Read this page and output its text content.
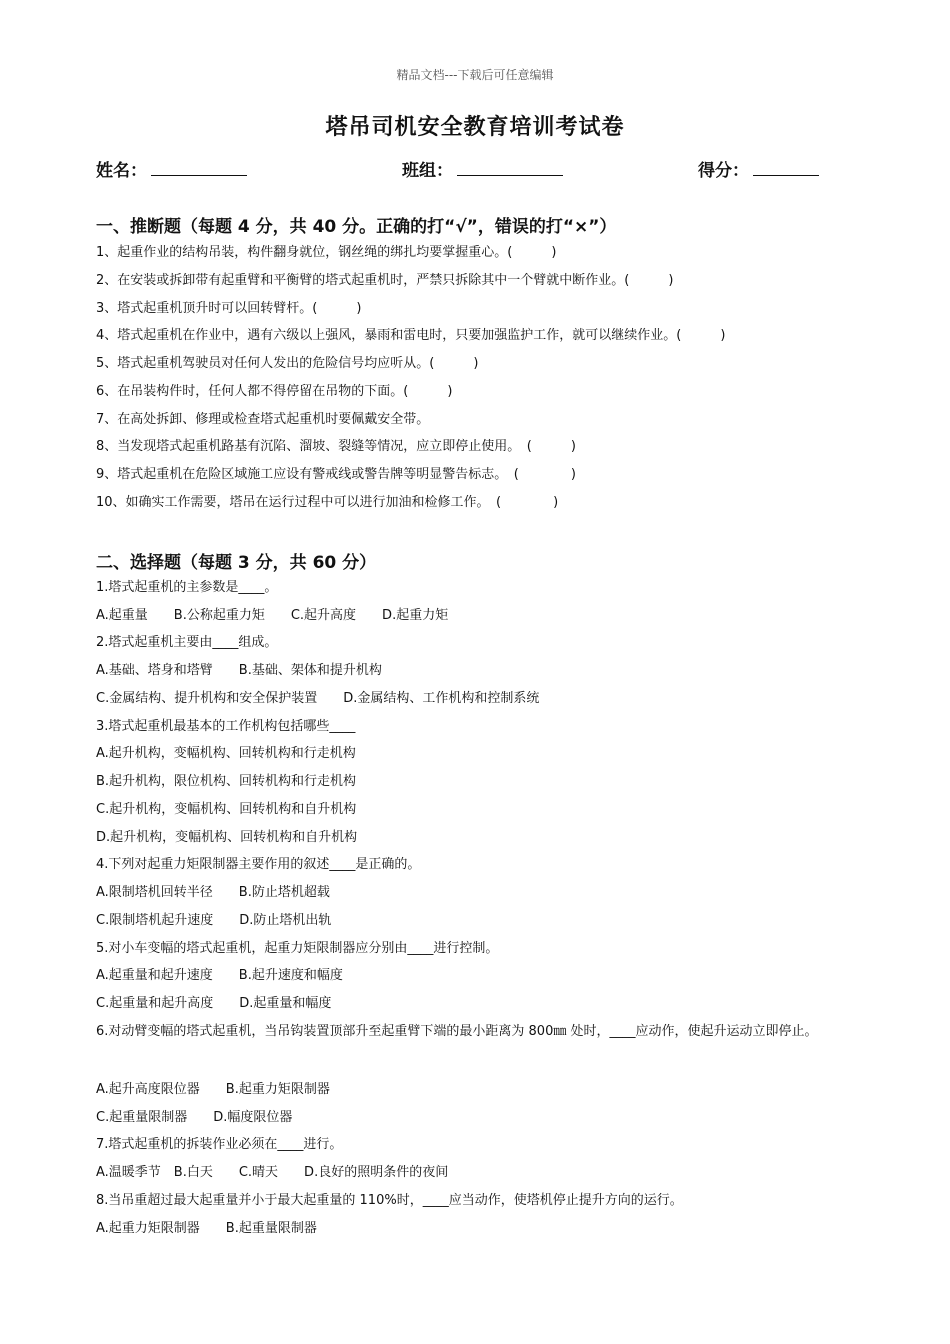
精品文档---下载后可任意编辑
塔吊司机安全教育培训考试卷
姓名：	班组：	得分：
一、推断题（每题 4 分，共 40 分。正确的打“√”，错误的打“×”）
1、起重作业的结构吊装，构件翻身就位，钢丝绳的绑扎均要掌握重心。(　　　)
2、在安装或拆卸带有起重臂和平衡臂的塔式起重机时，严禁只拆除其中一个臂就中断作业。(　　　)
3、塔式起重机顶升时可以回转臂杆。(　　　)
4、塔式起重机在作业中，遇有六级以上强风，暴雨和雷电时，只要加强监护工作，就可以继续作业。(　　　)
5、塔式起重机驾驶员对任何人发出的危险信号均应听从。(　　　)
6、在吊装构件时，任何人都不得停留在吊物的下面。(　　　)
7、在高处拆卸、修理或检查塔式起重机时要佩戴安全带。
8、当发现塔式起重机路基有沉陷、溜坡、裂缝等情况，应立即停止使用。　(　　　)
9、塔式起重机在危险区域施工应设有警戒线或警告牌等明显警告标志。　(　　　　)
10、如确实工作需要，塔吊在运行过程中可以进行加油和检修工作。　(　　　　)
二、选择题（每题 3 分，共 60 分）
1.塔式起重机的主参数是____。
A.起重量　　B.公称起重力矩　　C.起升高度　　D.起重力矩
2.塔式起重机主要由____组成。
A.基础、塔身和塔臂　　B.基础、架体和提升机构
C.金属结构、提升机构和安全保护装置　　D.金属结构、工作机构和控制系统
3.塔式起重机最基本的工作机构包括哪些____
A.起升机构，变幅机构、回转机构和行走机构
B.起升机构，限位机构、回转机构和行走机构
C.起升机构，变幅机构、回转机构和自升机构
D.起升机构，变幅机构、回转机构和自升机构
4.下列对起重力矩限制器主要作用的叙述____是正确的。
A.限制塔机回转半径　　B.防止塔机超载
C.限制塔机起升速度　　D.防止塔机出轨
5.对小车变幅的塔式起重机，起重力矩限制器应分别由____进行控制。
A.起重量和起升速度　　B.起升速度和幅度
C.起重量和起升高度　　D.起重量和幅度
6.对动臂变幅的塔式起重机，当吊钩装置顶部升至起重臂下端的最小距离为 800㎜ 处时，____应动作，使起升运动立即停止。
A.起升高度限位器　　B.起重力矩限制器
C.起重量限制器　　D.幅度限位器
7.塔式起重机的拆装作业必须在____进行。
A.温暖季节　B.白天　　C.晴天　　D.良好的照明条件的夜间
8.当吊重超过最大起重量并小于最大起重量的 110%时，____应当动作，使塔机停止提升方向的运行。
A.起重力矩限制器　　B.起重量限制器
